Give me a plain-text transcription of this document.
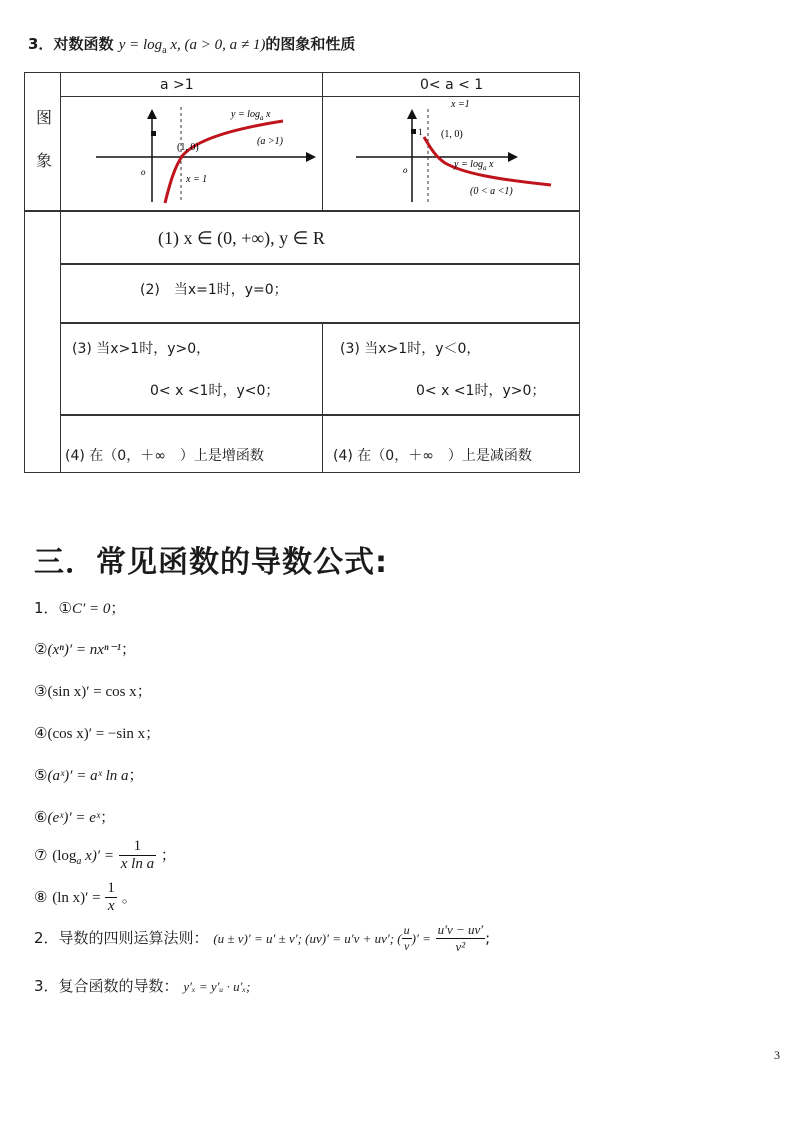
3．对数函数 $y = \log_a x$, (a > 0, a ≠ 1)的图象和性质
a >1	0< a < 1
图
象
$y = \log_a x$
(a >1)
(1, 0)
x = 1
o
1
x =1
(1, 0)
$y = \log_a x$
(0 < a <1)
o
(1) x ∈ (0, +∞), y ∈ R
(2)　当x=1时，y=0；
(3) 当x>1时，y>0，
0< x <1时，y<0；
(3) 当x>1时，y＜0，
0< x <1时，y>0；
(4) 在（0，＋∞　）上是增函数	(4) 在（0，＋∞　）上是减函数
三．常见函数的导数公式:
1．①C′ = 0；
②(xⁿ)′ = nxⁿ⁻¹；
③(sin x)′ = cos x；
④(cos x)′ = −sin x；
⑤(aˣ)′ = aˣ ln a；
⑥(eˣ)′ = eˣ；
⑦ ($\log_a$ $x)' = \frac{1}{\text{x ln a}}$ ；
⑧ (ln $x)' = \frac{1}{x}$ 。
2．导数的四则运算法则： (u ± v)′ = u′ ± v′; (uv)′ = u′v + uv′; ( $\frac{u}{v}$ )′ = $\frac{u'v - uv'}{\text{v²}}$ ;
3．复合函数的导数： y′ₓ = y′ᵤ · u′ₓ;
3
